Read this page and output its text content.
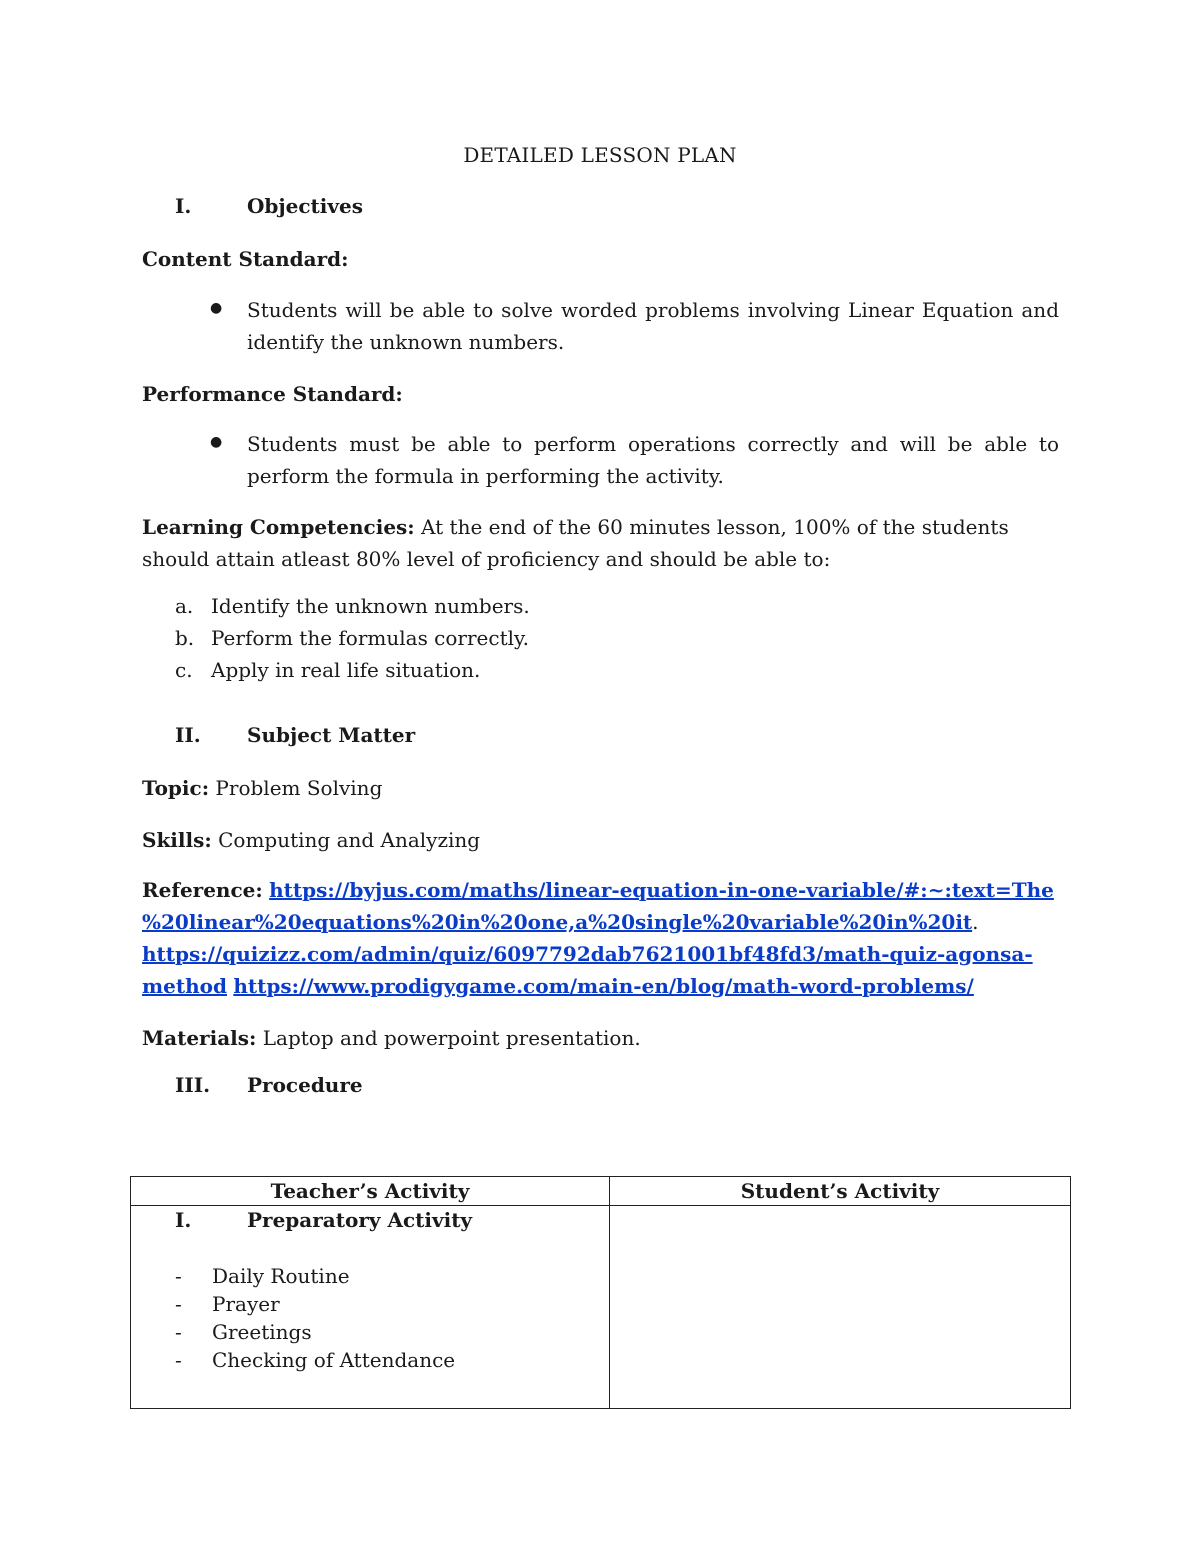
DETAILED LESSON PLAN
I.	Objectives
Content Standard:
● Students will be able to solve worded problems involving Linear Equation and identify the unknown numbers.
Performance Standard:
● Students must be able to perform operations correctly and will be able to perform the formula in performing the activity.
Learning Competencies: At the end of the 60 minutes lesson, 100% of the students should attain atleast 80% level of proficiency and should be able to:
a. Identify the unknown numbers.
b. Perform the formulas correctly.
c. Apply in real life situation.
II. Subject Matter
Topic: Problem Solving
Skills: Computing and Analyzing
Reference: https://byjus.com/maths/linear-equation-in-one-variable/#:~:text=The
%20linear%20equations%20in%20one,a%20single%20variable%20in%20it.
https://quizizz.com/admin/quiz/6097792dab7621001bf48fd3/math-quiz-agonsa-
method https://www.prodigygame.com/main-en/blog/math-word-problems/
Materials: Laptop and powerpoint presentation.
III. Procedure
Teacher’s Activity	Student’s Activity

I. Preparatory Activity
- Daily Routine
- Prayer
- Greetings
- Checking of Attendance	
